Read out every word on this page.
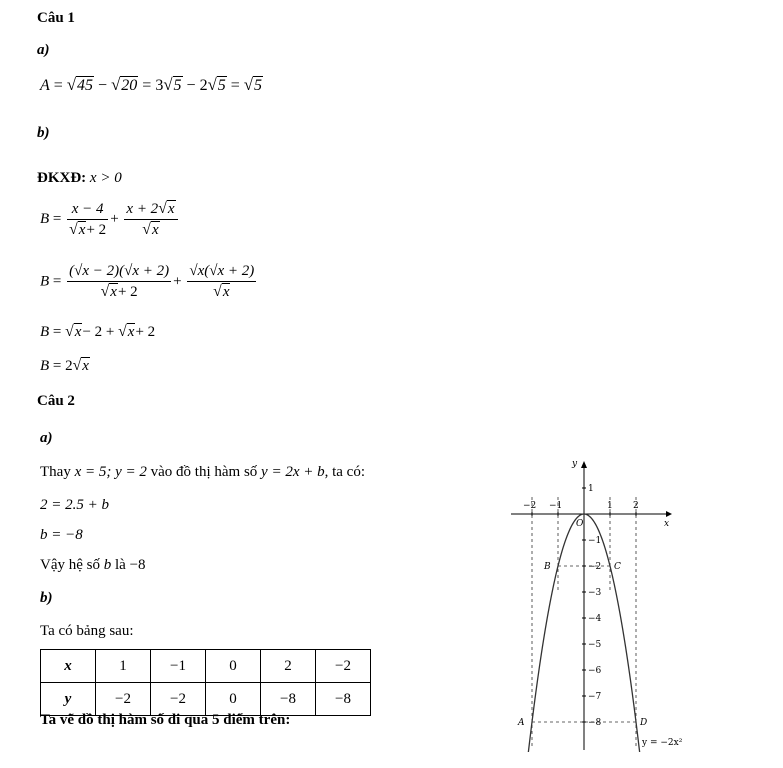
Câu 1
a)
A = √45 − √20 = 3√5 − 2√5 = √5
b)
ĐKXĐ: x > 0
$B = \frac{x - 4}{√x+ 2} + \frac{x + 2√x}{√x}$
$B = \frac{(√x - 2)(√x + 2)}{√x+ 2} + \frac{√x(√x + 2)}{√x}$
B = √x− 2 + √x+ 2
B = 2√x
Câu 2
a)
Thay x = 5; y = 2 vào đồ thị hàm số y = 2x + b, ta có:
2 = 2.5 + b
b = −8
Vậy hệ số b là −8
b)
Ta có bảng sau:
x	1	−1	0	2	−2
y	−2	−2	0	−8	−8
Ta vẽ đồ thị hàm số đi qua 5 điểm trên:
x
y
O
−2 −1	1 2
1
−1
−2
−3
−4
−5
−6
−7
−8
A
B	C
D
y = −2x²
